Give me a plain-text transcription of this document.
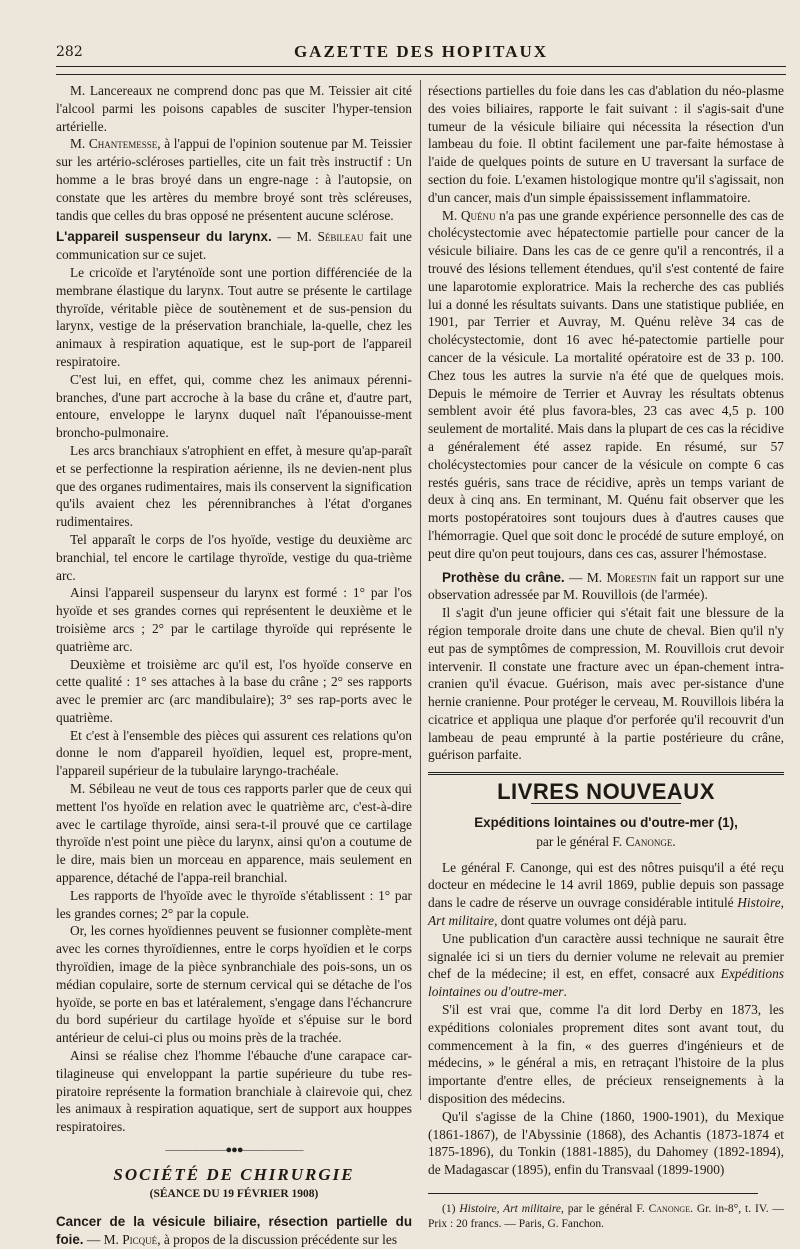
282	GAZETTE DES HOPITAUX

M. Lancereaux ne comprend donc pas que M. Teissier ait cité l'alcool parmi les poisons capables de susciter l'hyper-tension artérielle.

M. Chantemesse, à l'appui de l'opinion soutenue par M. Teissier sur les artério-scléroses partielles, cite un fait très instructif : Un homme a le bras broyé dans un engre-nage : à l'autopsie, on constate que les artères du membre broyé sont très scléreuses, tandis que celles du bras opposé ne présentent aucune sclérose.

L'appareil suspenseur du larynx. — M. Sébileau fait une communication sur ce sujet.

Le cricoïde et l'aryténoïde sont une portion différenciée de la membrane élastique du larynx. Tout autre se présente le cartilage thyroïde, véritable pièce de soutènement et de sus-pension du larynx, vestige de la préservation branchiale, la-quelle, chez les animaux à respiration aquatique, est le sup-port de l'appareil respiratoire.

C'est lui, en effet, qui, comme chez les animaux pérenni-branches, d'une part accroche à la base du crâne et, d'autre part, entoure, enveloppe le larynx duquel naît l'épanouisse-ment broncho-pulmonaire.

Les arcs branchiaux s'atrophient en effet, à mesure qu'ap-paraît et se perfectionne la respiration aérienne, ils ne devien-nent plus que des organes rudimentaires, mais ils conservent la signification qu'ils avaient chez les pérennibranches à l'état d'organes rudimentaires.

Tel apparaît le corps de l'os hyoïde, vestige du deuxième arc branchial, tel encore le cartilage thyroïde, vestige du qua-trième arc.

Ainsi l'appareil suspenseur du larynx est formé : 1° par l'os hyoïde et ses grandes cornes qui représentent le deuxième et le troisième arcs ; 2° par le cartilage thyroïde qui représente le quatrième arc.

Deuxième et troisième arc qu'il est, l'os hyoïde conserve en cette qualité : 1° ses attaches à la base du crâne ; 2° ses rapports avec le premier arc (arc mandibulaire); 3° ses rap-ports avec le quatrième.

Et c'est à l'ensemble des pièces qui assurent ces relations qu'on donne le nom d'appareil hyoïdien, lequel est, propre-ment, l'appareil supérieur de la tubulaire laryngo-trachéale.

M. Sébileau ne veut de tous ces rapports parler que de ceux qui mettent l'os hyoïde en relation avec le quatrième arc, c'est-à-dire avec le cartilage thyroïde, ainsi sera-t-il prouvé que ce cartilage thyroïde n'est point une pièce du larynx, ainsi qu'on a coutume de le dire, mais bien un morceau en apparence, mais seulement en apparence, détaché de l'appa-reil branchial.

Les rapports de l'hyoïde avec le thyroïde s'établissent : 1° par les grandes cornes; 2° par la copule.

Or, les cornes hyoïdiennes peuvent se fusionner complète-ment avec les cornes thyroïdiennes, entre le corps hyoïdien et le corps thyroïdien, image de la pièce synbranchiale des pois-sons, un os médian copulaire, sorte de sternum cervical qui se détache de l'os hyoïde, se porte en bas et latéralement, s'engage dans l'échancrure du bord supérieur du cartilage hyoïde et s'épuise sur le bord antérieur de celui-ci plus ou moins près de la trachée.

Ainsi se réalise chez l'homme l'ébauche d'une carapace car-tilagineuse qui enveloppant la partie supérieure du tube res-piratoire représente la formation branchiale à clairevoie qui, chez les animaux à respiration aquatique, sert de support aux houppes respiratoires.

——————●●●——————
SOCIÉTÉ DE CHIRURGIE
(SÉANCE DU 19 FÉVRIER 1908)

Cancer de la vésicule biliaire, résection partielle du foie. — M. Picqué, à propos de la discussion précédente sur les

résections partielles du foie dans les cas d'ablation du néo-plasme des voies biliaires, rapporte le fait suivant : il s'agis-sait d'une tumeur de la vésicule biliaire qui nécessita la résection d'un lambeau du foie. Il obtint facilement une par-faite hémostase à l'aide de quelques points de suture en U traversant la surface de section du foie. L'examen histologique montre qu'il s'agissait, non d'un cancer, mais d'un simple épaississement inflammatoire.

M. Quénu n'a pas une grande expérience personnelle des cas de cholécystectomie avec hépatectomie partielle pour cancer de la vésicule biliaire. Dans les cas de ce genre qu'il a rencontrés, il a trouvé des lésions tellement étendues, qu'il s'est contenté de faire une laparotomie exploratrice. Mais la recherche des cas publiés lui a donné les résultats suivants. Dans une statistique publiée, en 1901, par Terrier et Auvray, M. Quénu relève 34 cas de cholécystectomie, dont 16 avec hé-patectomie partielle pour cancer de la vésicule. La mortalité opératoire est de 33 p. 100. Chez tous les autres la survie n'a été que de quelques mois. Depuis le mémoire de Terrier et Auvray les résultats obtenus semblent avoir été plus favora-bles, 23 cas avec 4,5 p. 100 seulement de mortalité. Mais dans la plupart de ces cas la récidive a généralement été assez rapide. En résumé, sur 57 cholécystectomies pour cancer de la vésicule on compte 6 cas restés guéris, sans trace de récidive, après un temps variant de deux à cinq ans. En terminant, M. Quénu fait observer que les morts postopératoires sont toujours dues à d'autres causes que l'hémorragie. Quel que soit donc le procédé de suture employé, on peut dire qu'on peut toujours, dans ces cas, assurer l'hémostase.

Prothèse du crâne. — M. Morestin fait un rapport sur une observation adressée par M. Rouvillois (de l'armée).

Il s'agit d'un jeune officier qui s'était fait une blessure de la région temporale droite dans une chute de cheval. Bien qu'il n'y eut pas de symptômes de compression, M. Rouvillois crut devoir intervenir. Il constate une fracture avec un épan-chement intra-cranien qu'il évacue. Guérison, mais avec per-sistance d'une hernie cranienne. Pour protéger le cerveau, M. Rouvillois libéra la cicatrice et appliqua une plaque d'or perforée qu'il recouvrit d'un lambeau de peau emprunté à la partie postérieure du crâne, guérison parfaite.

LIVRES NOUVEAUX
Expéditions lointaines ou d'outre-mer (1),
par le général F. Canonge.

Le général F. Canonge, qui est des nôtres puisqu'il a été reçu docteur en médecine le 14 avril 1869, publie depuis son passage dans le cadre de réserve un ouvrage considérable intitulé Histoire, Art militaire, dont quatre volumes ont déjà paru.

Une publication d'un caractère aussi technique ne saurait être signalée ici si un tiers du dernier volume ne relevait au premier chef de la médecine; il est, en effet, consacré aux Expéditions lointaines ou d'outre-mer.

S'il est vrai que, comme l'a dit lord Derby en 1873, les expéditions coloniales proprement dites sont avant tout, du commencement à la fin, « des guerres d'ingénieurs et de médecins, » le général a mis, en retraçant l'histoire de la plus importante d'entre elles, de précieux renseignements à la disposition des médecins.

Qu'il s'agisse de la Chine (1860, 1900-1901), du Mexique (1861-1867), de l'Abyssinie (1868), des Achantis (1873-1874 et 1875-1896), du Tonkin (1881-1885), du Dahomey (1892-1894), de Madagascar (1895), enfin du Transvaal (1899-1900)

(1) Histoire, Art militaire, par le général F. Canonge. Gr. in-8°, t. IV. — Prix : 20 francs. — Paris, G. Fanchon.
